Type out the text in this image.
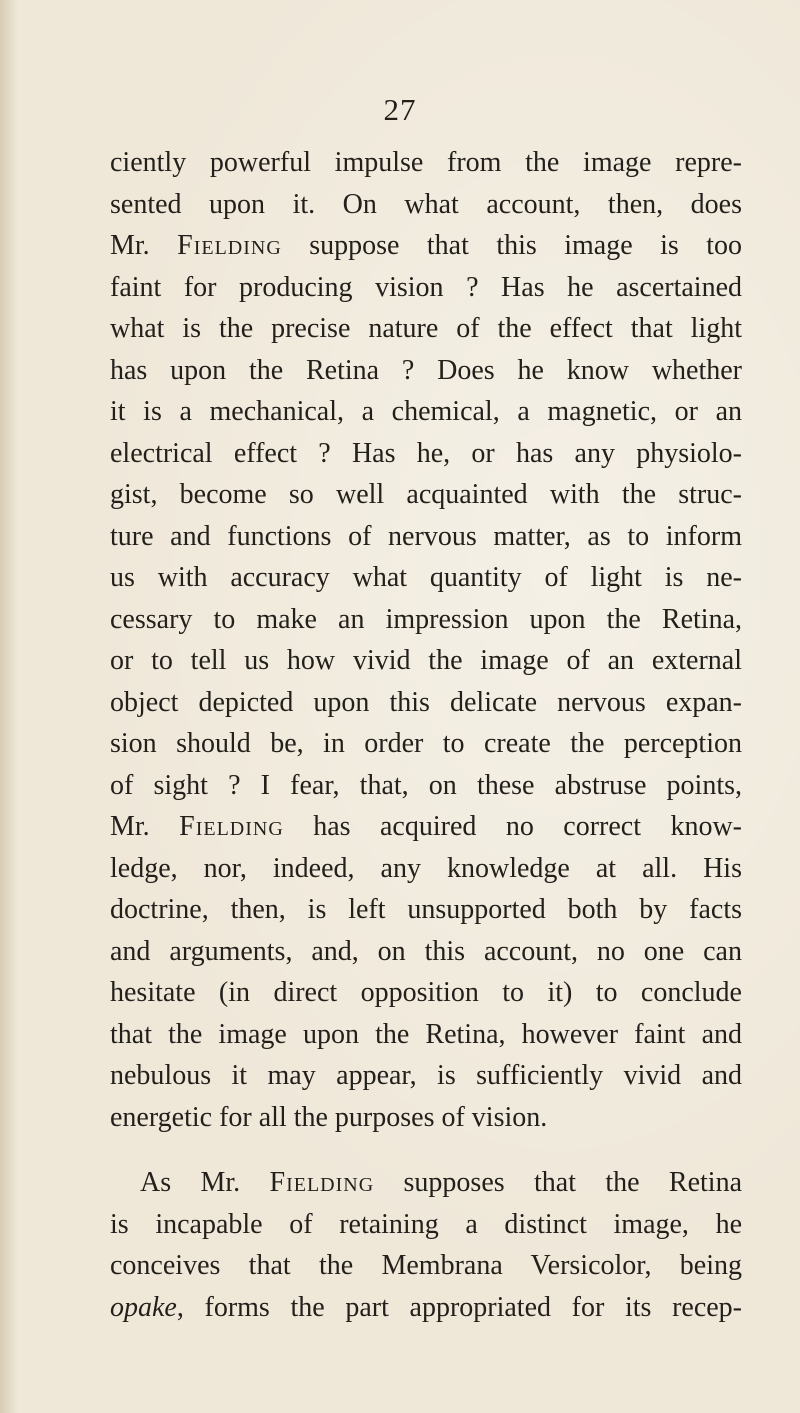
27
ciently powerful impulse from the image repre-
sented upon it. On what account, then, does
Mr. Fielding suppose that this image is too
faint for producing vision ? Has he ascertained
what is the precise nature of the effect that light
has upon the Retina ? Does he know whether
it is a mechanical, a chemical, a magnetic, or an
electrical effect ? Has he, or has any physiolo-
gist, become so well acquainted with the struc-
ture and functions of nervous matter, as to inform
us with accuracy what quantity of light is ne-
cessary to make an impression upon the Retina,
or to tell us how vivid the image of an external
object depicted upon this delicate nervous expan-
sion should be, in order to create the perception
of sight ? I fear, that, on these abstruse points,
Mr. Fielding has acquired no correct know-
ledge, nor, indeed, any knowledge at all. His
doctrine, then, is left unsupported both by facts
and arguments, and, on this account, no one can
hesitate (in direct opposition to it) to conclude
that the image upon the Retina, however faint and
nebulous it may appear, is sufficiently vivid and
energetic for all the purposes of vision.
As Mr. Fielding supposes that the Retina
is incapable of retaining a distinct image, he
conceives that the Membrana Versicolor, being
opake, forms the part appropriated for its recep-
